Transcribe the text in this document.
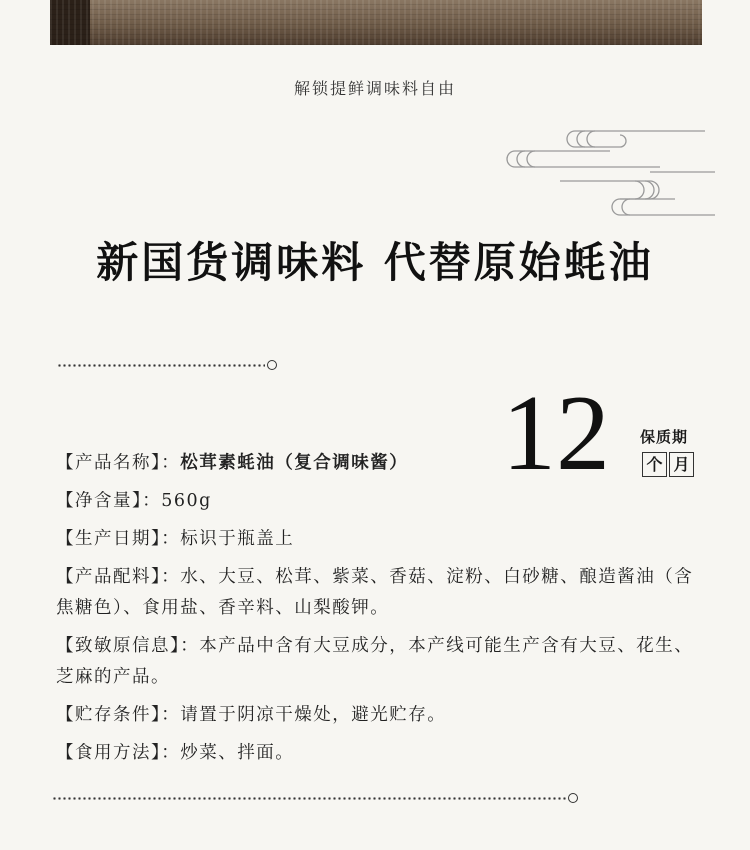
解锁提鲜调味料自由
新国货调味料 代替原始蚝油
12 保质期
个 月
【产品名称】：松茸素蚝油（复合调味酱）
【净含量】：560g
【生产日期】：标识于瓶盖上
【产品配料】：水、大豆、松茸、紫菜、香菇、淀粉、白砂糖、酿造酱油（含焦糖色）、食用盐、香辛料、山梨酸钾。
【致敏原信息】：本产品中含有大豆成分，本产线可能生产含有大豆、花生、芝麻的产品。
【贮存条件】：请置于阴凉干燥处，避光贮存。
【食用方法】：炒菜、拌面。
